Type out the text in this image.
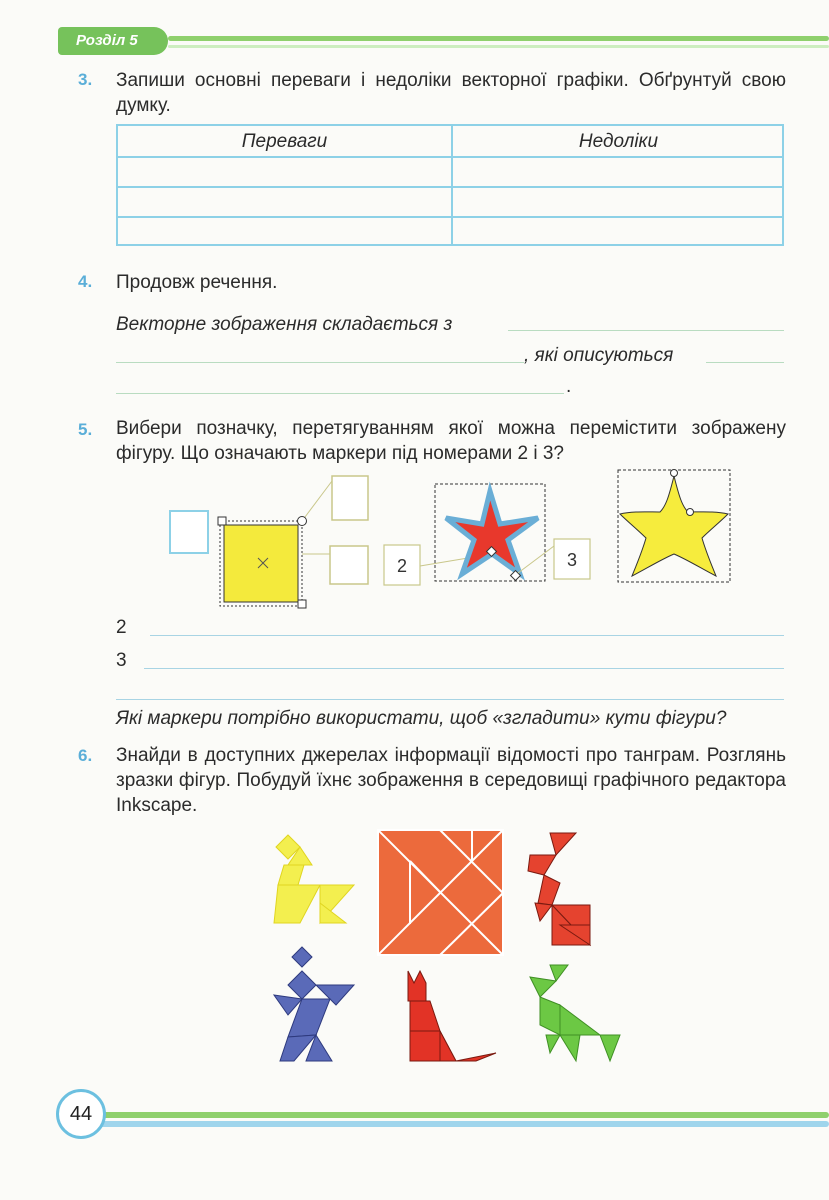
Розділ 5
3. Запиши основні переваги і недоліки векторної графіки. Обґрунтуй свою думку.
Переваги	Недоліки
4. Продовж речення.
Векторне зображення складається з
, які описуються
.
5. Вибери позначку, перетягуванням якої можна перемістити зображену фігуру. Що означають маркери під номерами 2 і 3?
2	3
2
3
Які маркери потрібно використати, щоб «згладити» кути фігури?
6. Знайди в доступних джерелах інформації відомості про танграм. Розглянь зразки фігур. Побудуй їхнє зображення в середовищі графічного редактора Inkscape.
44
